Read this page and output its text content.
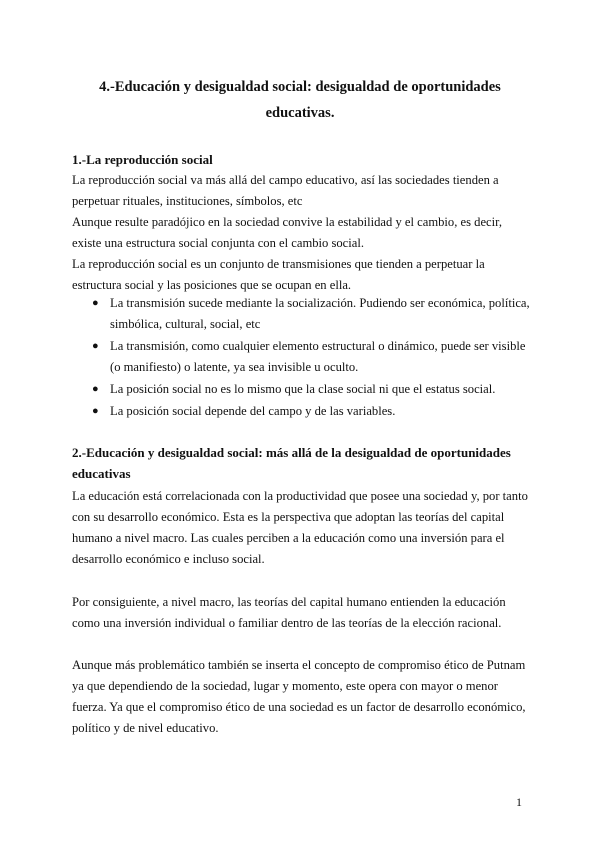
4.-Educación y desigualdad social: desigualdad de oportunidades educativas.
1.-La reproducción social

La reproducción social va más allá del campo educativo, así las sociedades tienden a perpetuar rituales, instituciones, símbolos, etc

Aunque resulte paradójico en la sociedad convive la estabilidad y el cambio, es decir, existe una estructura social conjunta con el cambio social.

La reproducción social es un conjunto de transmisiones que tienden a perpetuar la estructura social y las posiciones que se ocupan en ella.

● La transmisión sucede mediante la socialización. Pudiendo ser económica, política, simbólica, cultural, social, etc
● La transmisión, como cualquier elemento estructural o dinámico, puede ser visible (o manifiesto) o latente, ya sea invisible u oculto.
● La posición social no es lo mismo que la clase social ni que el estatus social.
● La posición social depende del campo y de las variables.
2.-Educación y desigualdad social: más allá de la desigualdad de oportunidades educativas

La educación está correlacionada con la productividad que posee una sociedad y, por tanto con su desarrollo económico. Esta es la perspectiva que adoptan las teorías del capital humano a nivel macro. Las cuales perciben a la educación como una inversión para el desarrollo económico e incluso social.

Por consiguiente, a nivel macro, las teorías del capital humano entienden la educación como una inversión individual o familiar dentro de las teorías de la elección racional.

Aunque más problemático también se inserta el concepto de compromiso ético de Putnam ya que dependiendo de la sociedad, lugar y momento, este opera con mayor o menor fuerza. Ya que el compromiso ético de una sociedad es un factor de desarrollo económico, político y de nivel educativo.

1
